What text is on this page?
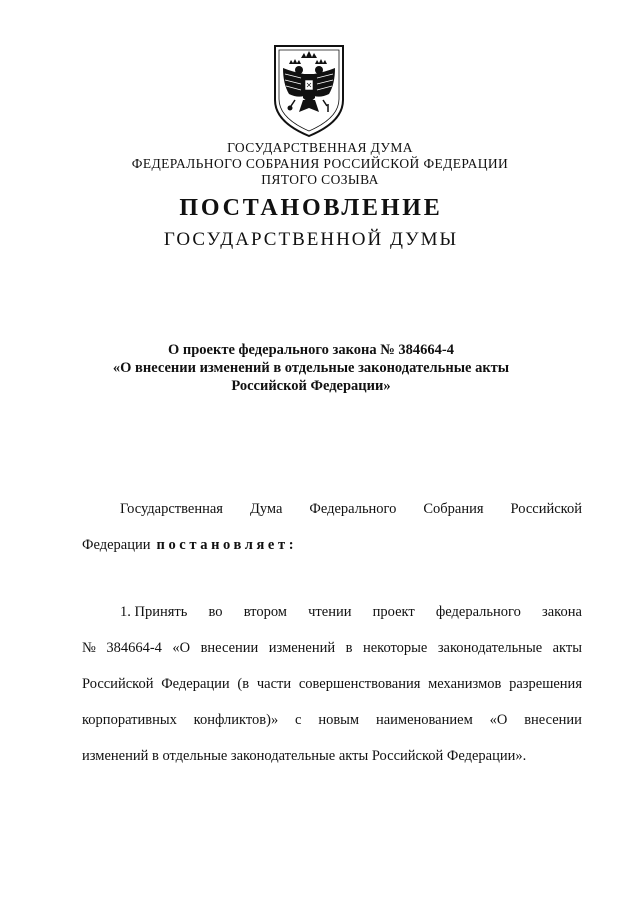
ГОСУДАРСТВЕННАЯ ДУМА
ФЕДЕРАЛЬНОГО СОБРАНИЯ РОССИЙСКОЙ ФЕДЕРАЦИИ
ПЯТОГО СОЗЫВА
ПОСТАНОВЛЕНИЕ
ГОСУДАРСТВЕННОЙ ДУМЫ
О проекте федерального закона № 384664-4
«О внесении изменений в отдельные законодательные акты
Российской Федерации»
Государственная Дума Федерального Собрания Российской
Федерации постановляет:
1. Принять во втором чтении проект федерального закона
№ 384664-4 «О внесении изменений в некоторые законодательные акты
Российской Федерации (в части совершенствования механизмов разрешения
корпоративных конфликтов)» с новым наименованием «О внесении
изменений в отдельные законодательные акты Российской Федерации».
